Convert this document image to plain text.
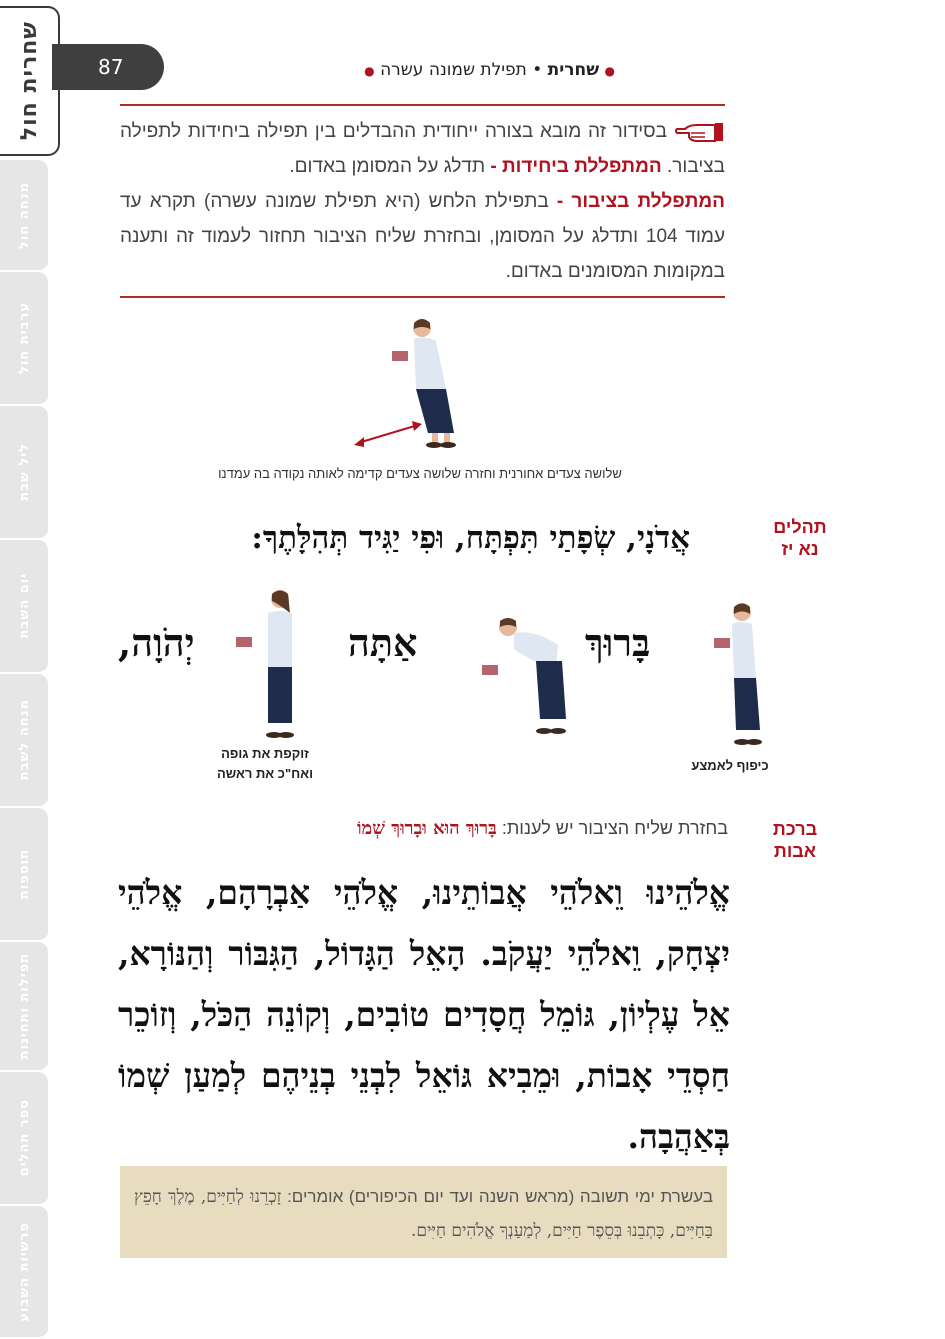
שחרית חול
מנחה חול
ערבית חול
ליל שבת
יום השבת
מנחה לשבת
תוספות
תפילות ותחינות
ספר תהלים
פרשיות השבוע
87	● שחרית • תפילת שמונה עשרה ●
בסידור זה מובא בצורה ייחודית ההבדלים בין תפילה ביחידות לתפילה בציבור. המתפללת ביחידות - תדלג על המסומן באדום.
המתפללת בציבור - בתפילת הלחש (היא תפילת שמונה עשרה) תקרא עד עמוד 104 ותדלג על המסומן, ובחזרת שליח הציבור תחזור לעמוד זה ותענה במקומות המסומנים באדום.
שלושה צעדים אחורנית וחזרה שלושה צעדים קדימה לאותה נקודה בה עמדנו
תהלים
נא יז
אֲדֹנָי, שְׂפָתַי תִּפְתָּח, וּפִי יַגִּיד תְּהִלָּתֶךָ:
בָּרוּךְ
אַתָּה
יְהֹוָה,
כיפוף לאמצע
זוקפת את גופה
ואח"כ את ראשה
ברכת
אבות
בחזרת שליח הציבור יש לענות: בָּרוּךְ הוּא וּבָרוּךְ שְׁמוֹ
אֱלֹהֵינוּ וֵאלֹהֵי אֲבוֹתֵינוּ, אֱלֹהֵי אַבְרָהָם, אֱלֹהֵי יִצְחָק, וֵאלֹהֵי יַעֲקֹב. הָאֵל הַגָּדוֹל, הַגִּבּוֹר וְהַנּוֹרָא, אֵל עֶלְיוֹן, גּוֹמֵל חֲסָדִים טוֹבִים, וְקוֹנֵה הַכֹּל, וְזוֹכֵר חַסְדֵי אָבוֹת, וּמֵבִיא גּוֹאֵל לִבְנֵי בְנֵיהֶם לְמַעַן שְׁמוֹ בְּאַהֲבָה.
בעשרת ימי תשובה (מראש השנה ועד יום הכיפורים) אומרים: זָכְרֵנוּ לְחַיִּים, מֶלֶךְ חָפֵץ בַּחַיִּים, כָּתְבֵנוּ בְּסֵפֶר חַיִּים, לְמַעַנְךָ אֱלֹהִים חַיִּים.
